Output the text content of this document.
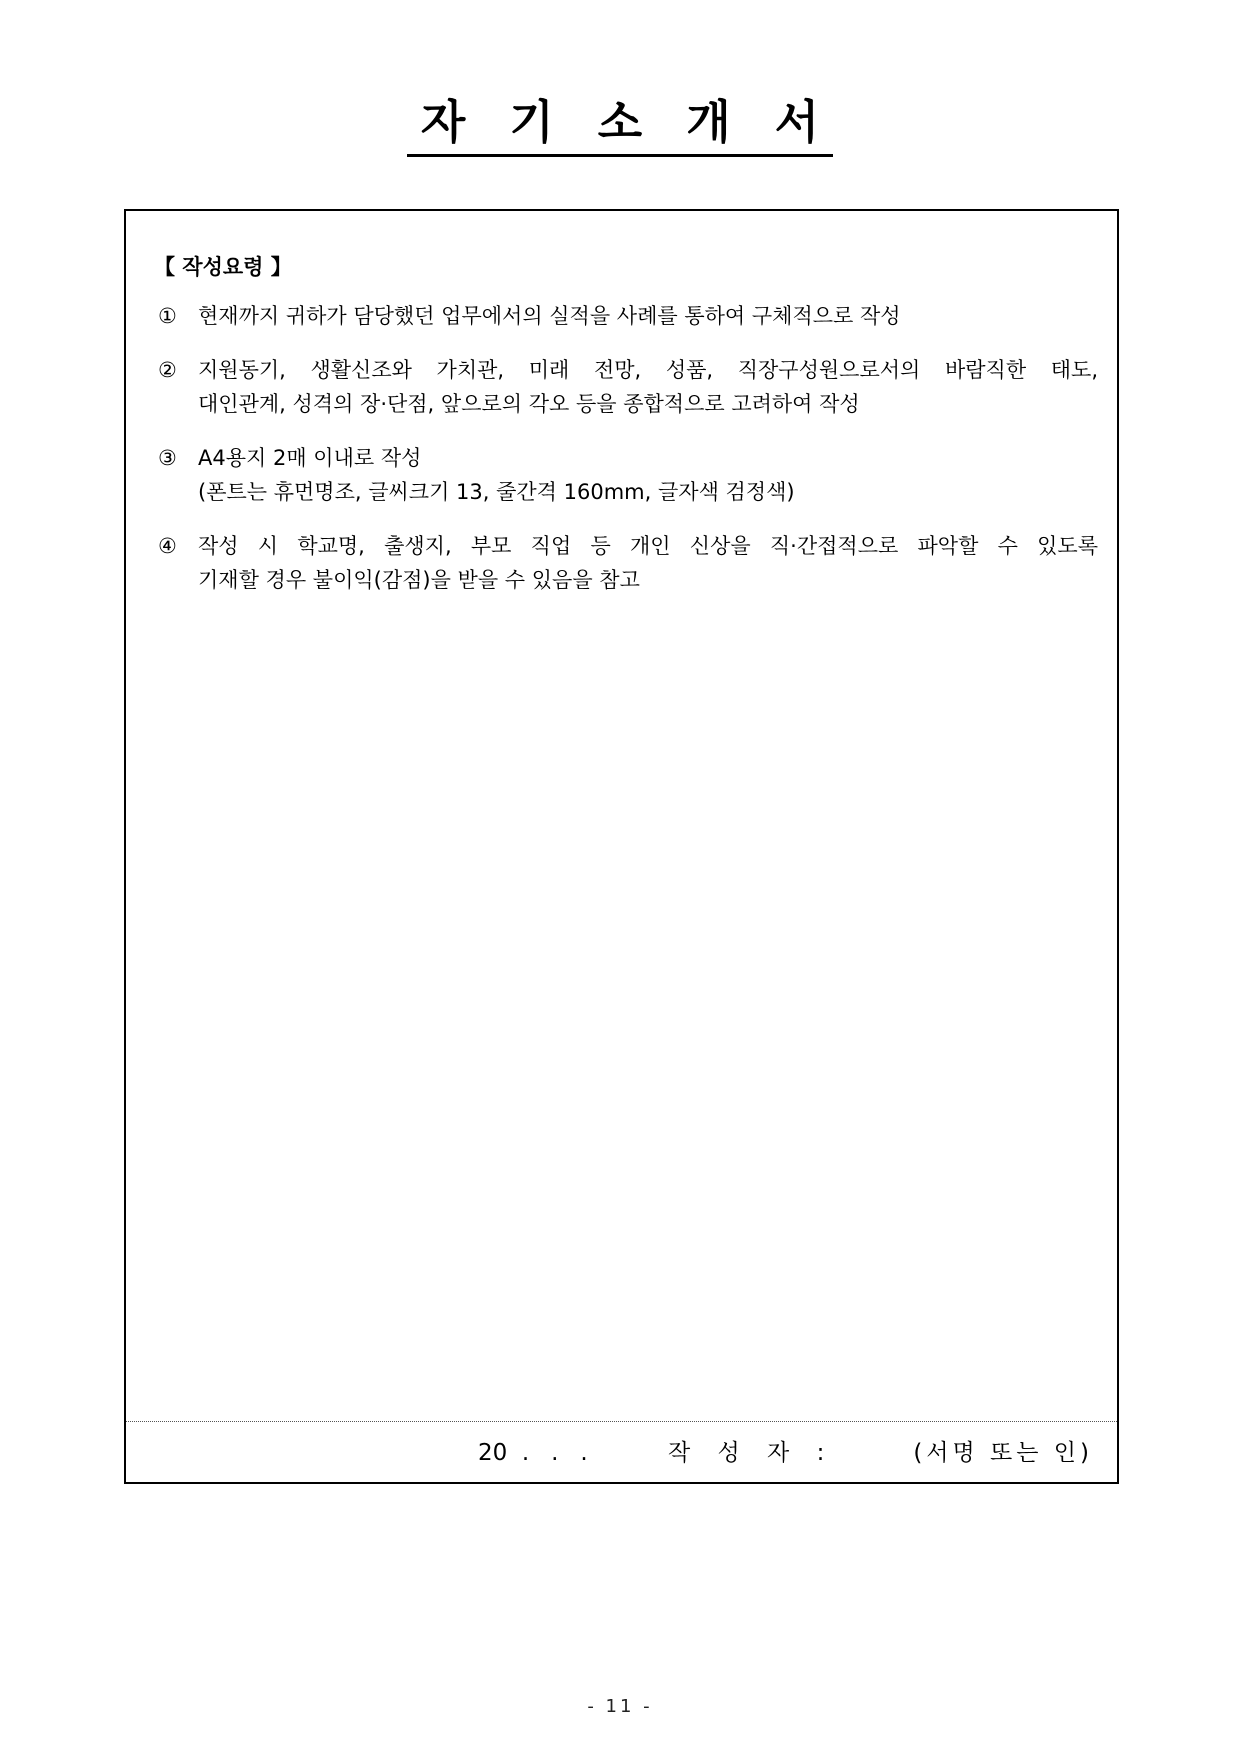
자 기 소 개 서

【 작성요령 】

①	현재까지 귀하가 담당했던 업무에서의 실적을 사례를 통하여 구체적으로 작성
②	지원동기, 생활신조와 가치관, 미래 전망, 성품, 직장구성원으로서의 바람직한 태도,
대인관계, 성격의 장·단점, 앞으로의 각오 등을 종합적으로 고려하여 작성
③	A4용지 2매 이내로 작성
(폰트는 휴먼명조, 글씨크기 13, 줄간격 160mm, 글자색 검정색)
④	작성 시 학교명, 출생지, 부모 직업 등 개인 신상을 직·간접적으로 파악할 수 있도록
기재할 경우 불이익(감점)을 받을 수 있음을 참고
20  .   .   .	작 성 자 :	(서명 또는 인)
- 11 -
